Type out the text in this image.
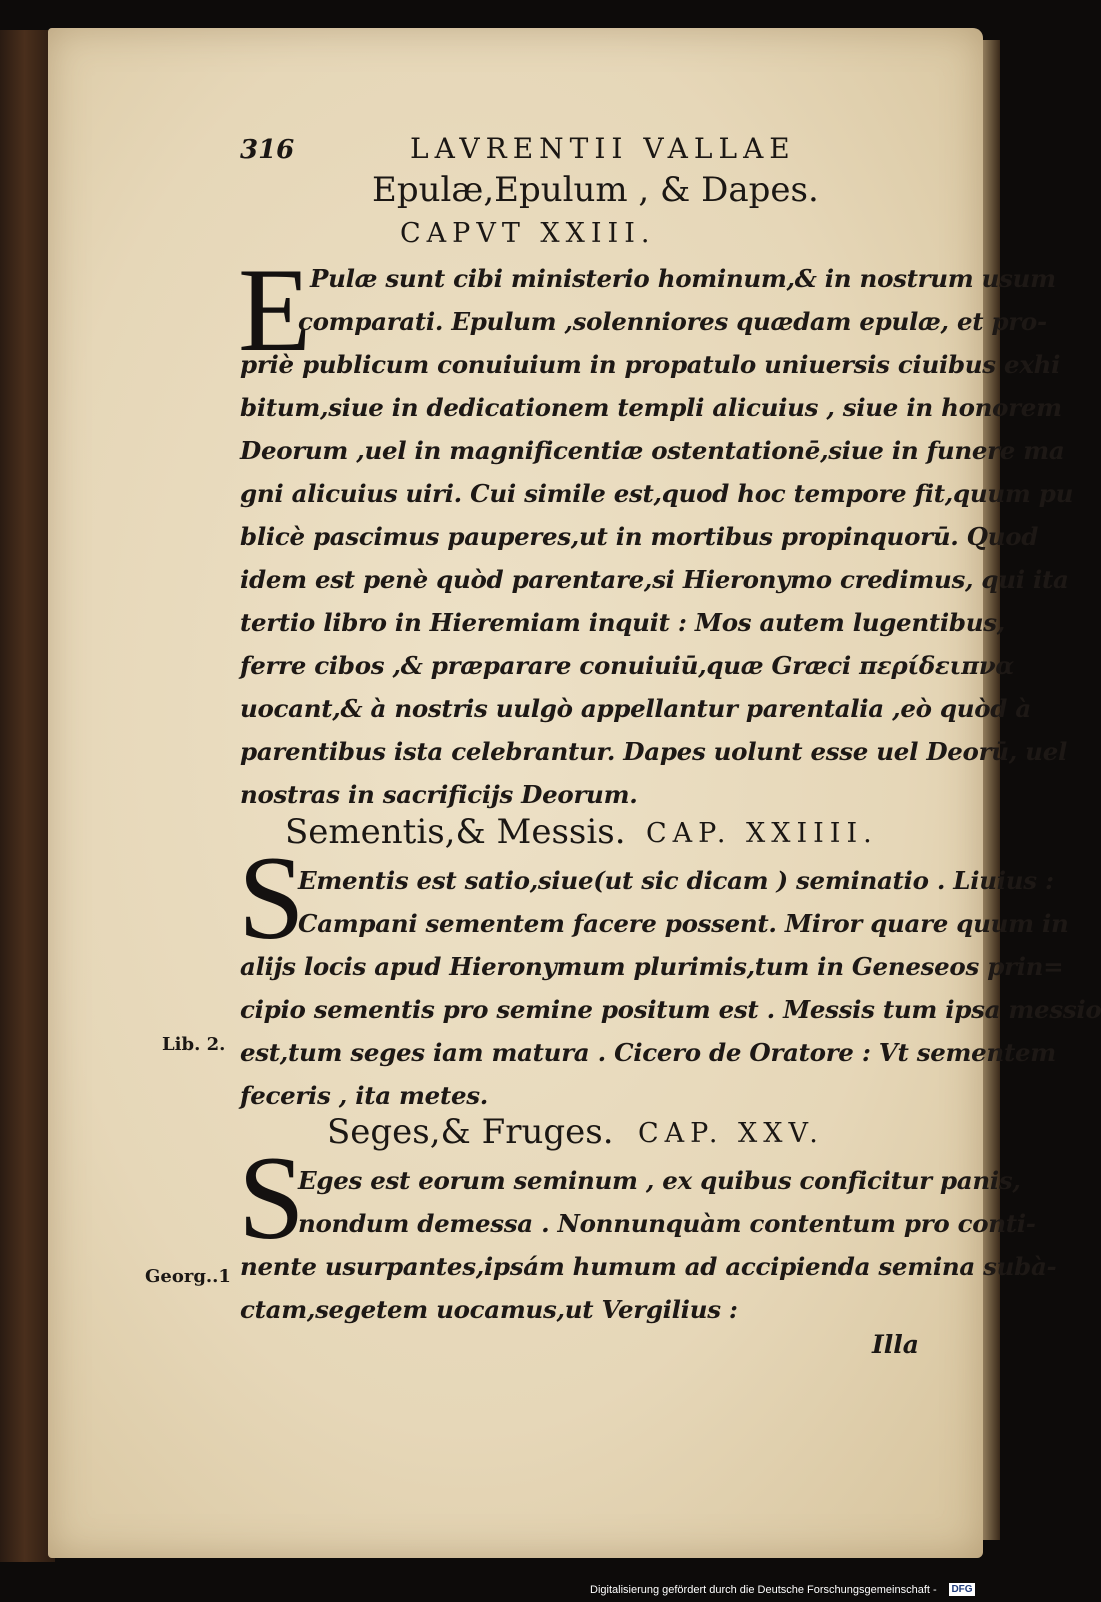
316	LAVRENTII VALLAE
Epulæ,Epulum , & Dapes.
CAPVT XXIII.
E
Pulæ sunt cibi ministerio hominum,& in nostrum usum
comparati. Epulum ,solenniores quædam epulæ, et pro-
priè publicum conuiuium in propatulo uniuersis ciuibus exhi
bitum,siue in dedicationem templi alicuius , siue in honorem
Deorum ,uel in magnificentiæ ostentationē,siue in funere ma
gni alicuius uiri. Cui simile est,quod hoc tempore fit,quum pu
blicè pascimus pauperes,ut in mortibus propinquorū. Quod
idem est penè quòd parentare,si Hieronymo credimus, qui ita
tertio libro in Hieremiam inquit : Mos autem lugentibus,
ferre cibos ,& præparare conuiuiū,quæ Græci περίδειπνα
uocant,& à nostris uulgò appellantur parentalia ,eò quòd à
parentibus ista celebrantur. Dapes uolunt esse uel Deorū, uel
nostras in sacrificijs Deorum.
Sementis,& Messis. CAP. XXIIII.
S
Ementis est satio,siue(ut sic dicam ) seminatio . Liuius :
Campani sementem facere possent. Miror quare quum in
alijs locis apud Hieronymum plurimis,tum in Geneseos prin=
cipio sementis pro semine positum est . Messis tum ipsa messio
est,tum seges iam matura . Cicero de Oratore : Vt sementem
feceris , ita metes.
Seges,& Fruges. CAP. XXV.
S
Eges est eorum seminum , ex quibus conficitur panis,
nondum demessa . Nonnunquàm contentum pro conti-
nente usurpantes,ipsám humum ad accipienda semina subà-
ctam,segetem uocamus,ut Vergilius :
Lib. 2.
Georg..1
Illa
Digitalisierung gefördert durch die Deutsche Forschungsgemeinschaft - DFG
